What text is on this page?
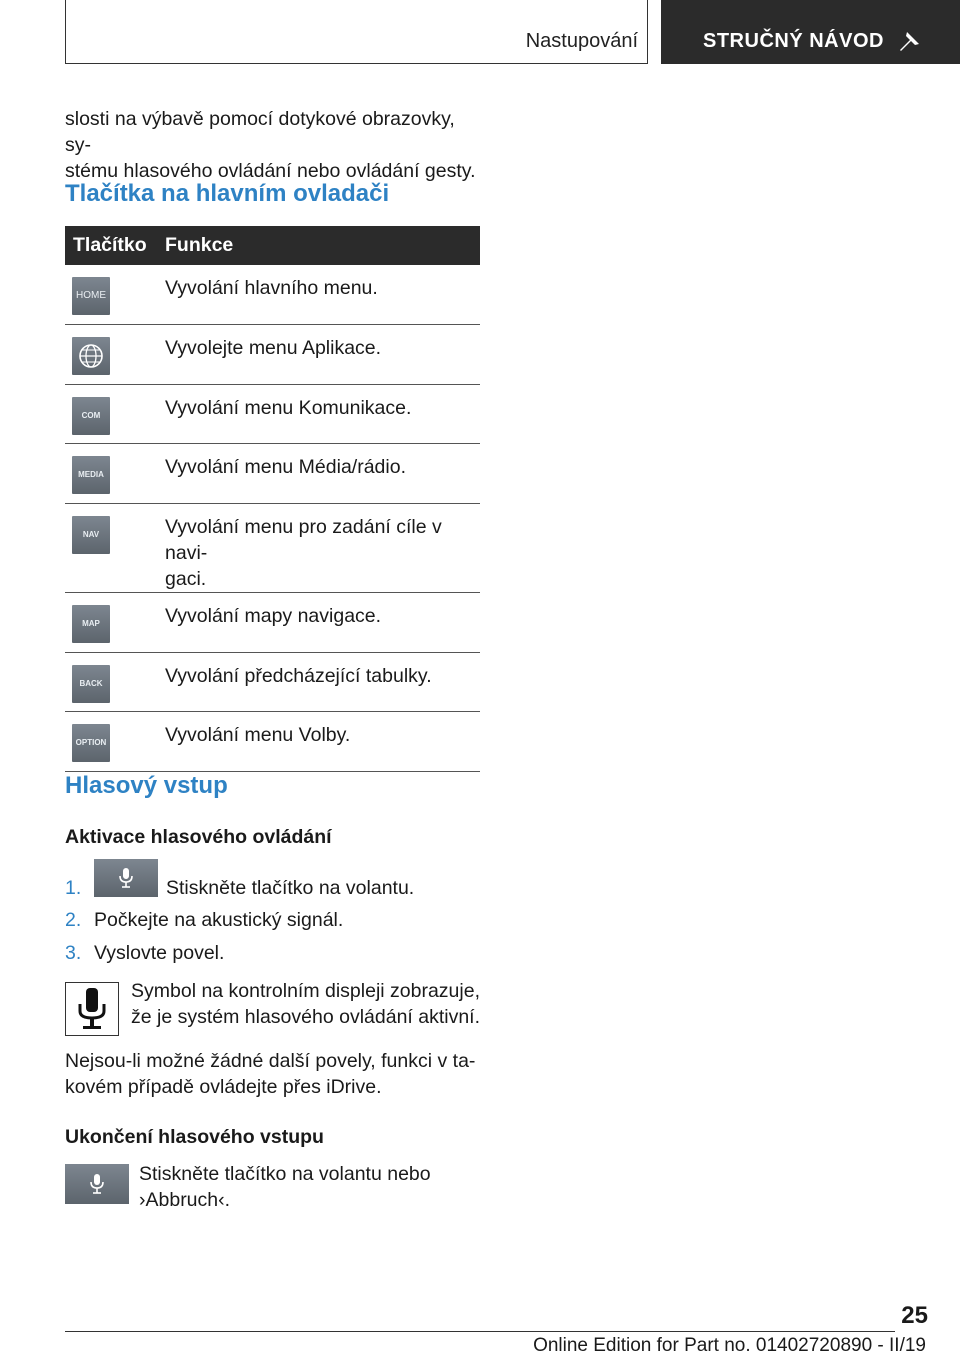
Nastupování	STRUČNÝ NÁVOD

slosti na výbavě pomocí dotykové obrazovky, sy-
stému hlasového ovládání nebo ovládání gesty.

Tlačítka na hlavním ovladači
Tlačítko	Funkce

HOME	Vyvolání hlavního menu.

	Vyvolejte menu Aplikace.

COM	Vyvolání menu Komunikace.

MEDIA	Vyvolání menu Média/rádio.

NAV	Vyvolání menu pro zadání cíle v navi-
gaci.

MAP	Vyvolání mapy navigace.

BACK	Vyvolání předcházející tabulky.

OPTION	Vyvolání menu Volby.
Hlasový vstup
Aktivace hlasového ovládání
1.	Stiskněte tlačítko na volantu.
2. Počkejte na akustický signál.
3. Vyslovte povel.

Symbol na kontrolním displeji zobrazuje,
že je systém hlasového ovládání aktivní.

Nejsou-li možné žádné další povely, funkci v ta-
kovém případě ovládejte přes iDrive.

Ukončení hlasového vstupu

Stiskněte tlačítko na volantu nebo
›Abbruch‹.

25
Online Edition for Part no. 01402720890 - II/19
